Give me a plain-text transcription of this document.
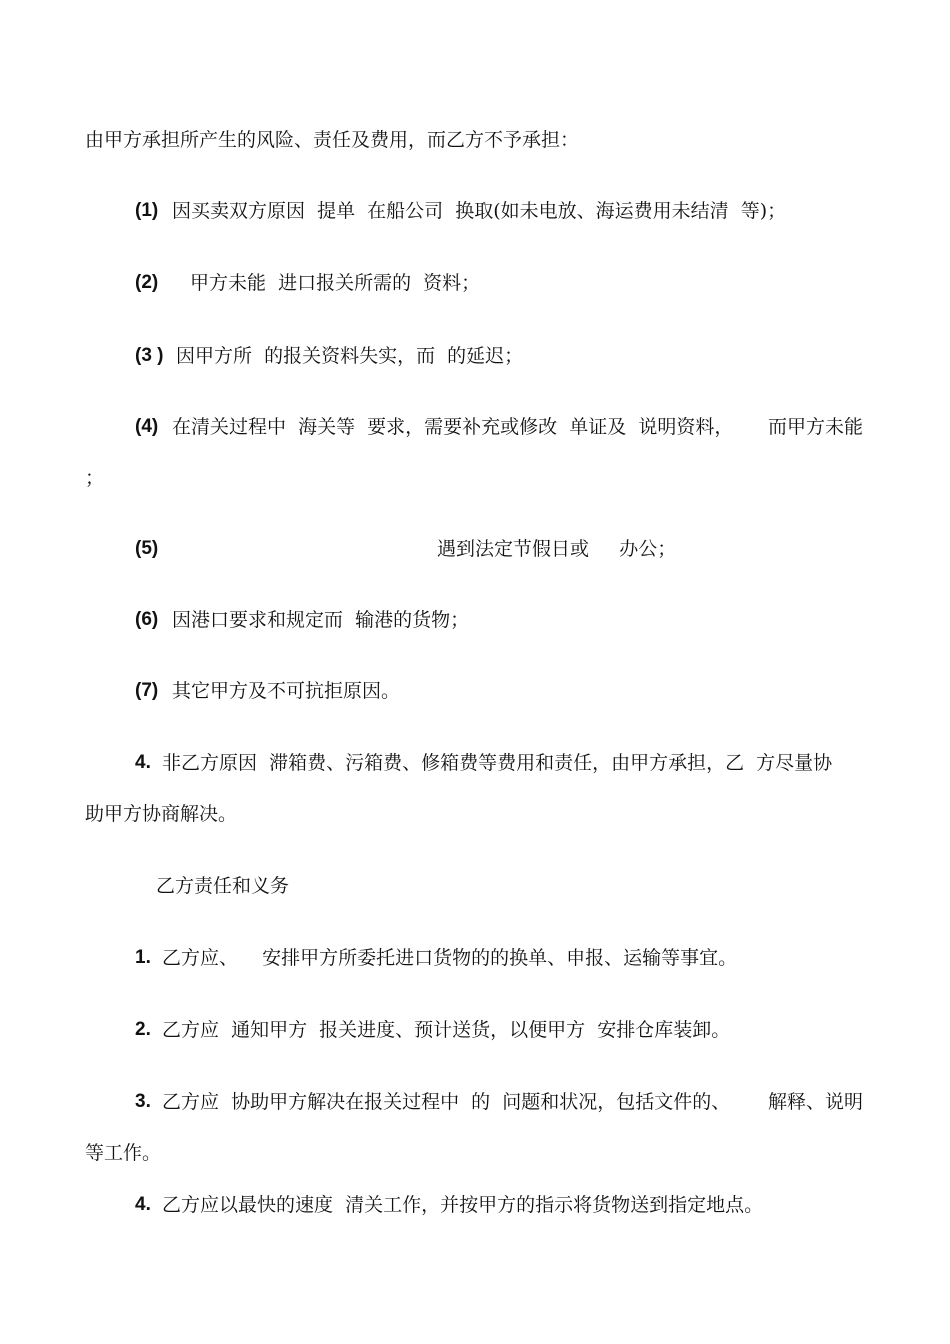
由甲方承担所产生的风险、责任及费用，而乙方不予承担：
(1) 因买卖双方原因  提单  在船公司  换取(如未电放、海运费用未结清  等)；
(2) 甲方未能  进口报关所需的  资料；
(3 ) 因甲方所  的报关资料失实，而  的延迟；
(4) 在清关过程中  海关等  要求，需要补充或修改  单证及  说明资料， 而甲方未能
；
(5)	遇到法定节假日或     办公；
(6) 因港口要求和规定而  输港的货物；
(7) 其它甲方及不可抗拒原因。
4. 非乙方原因  滞箱费、污箱费、修箱费等费用和责任，由甲方承担，乙  方尽量协
助甲方协商解决。
乙方责任和义务
1. 乙方应、    安排甲方所委托进口货物的的换单、申报、运输等事宜。
2. 乙方应  通知甲方  报关进度、预计送货，以便甲方  安排仓库装卸。
3. 乙方应  协助甲方解决在报关过程中  的  问题和状况，包括文件的、 解释、说明
等工作。
4. 乙方应以最快的速度  清关工作，并按甲方的指示将货物送到指定地点。
